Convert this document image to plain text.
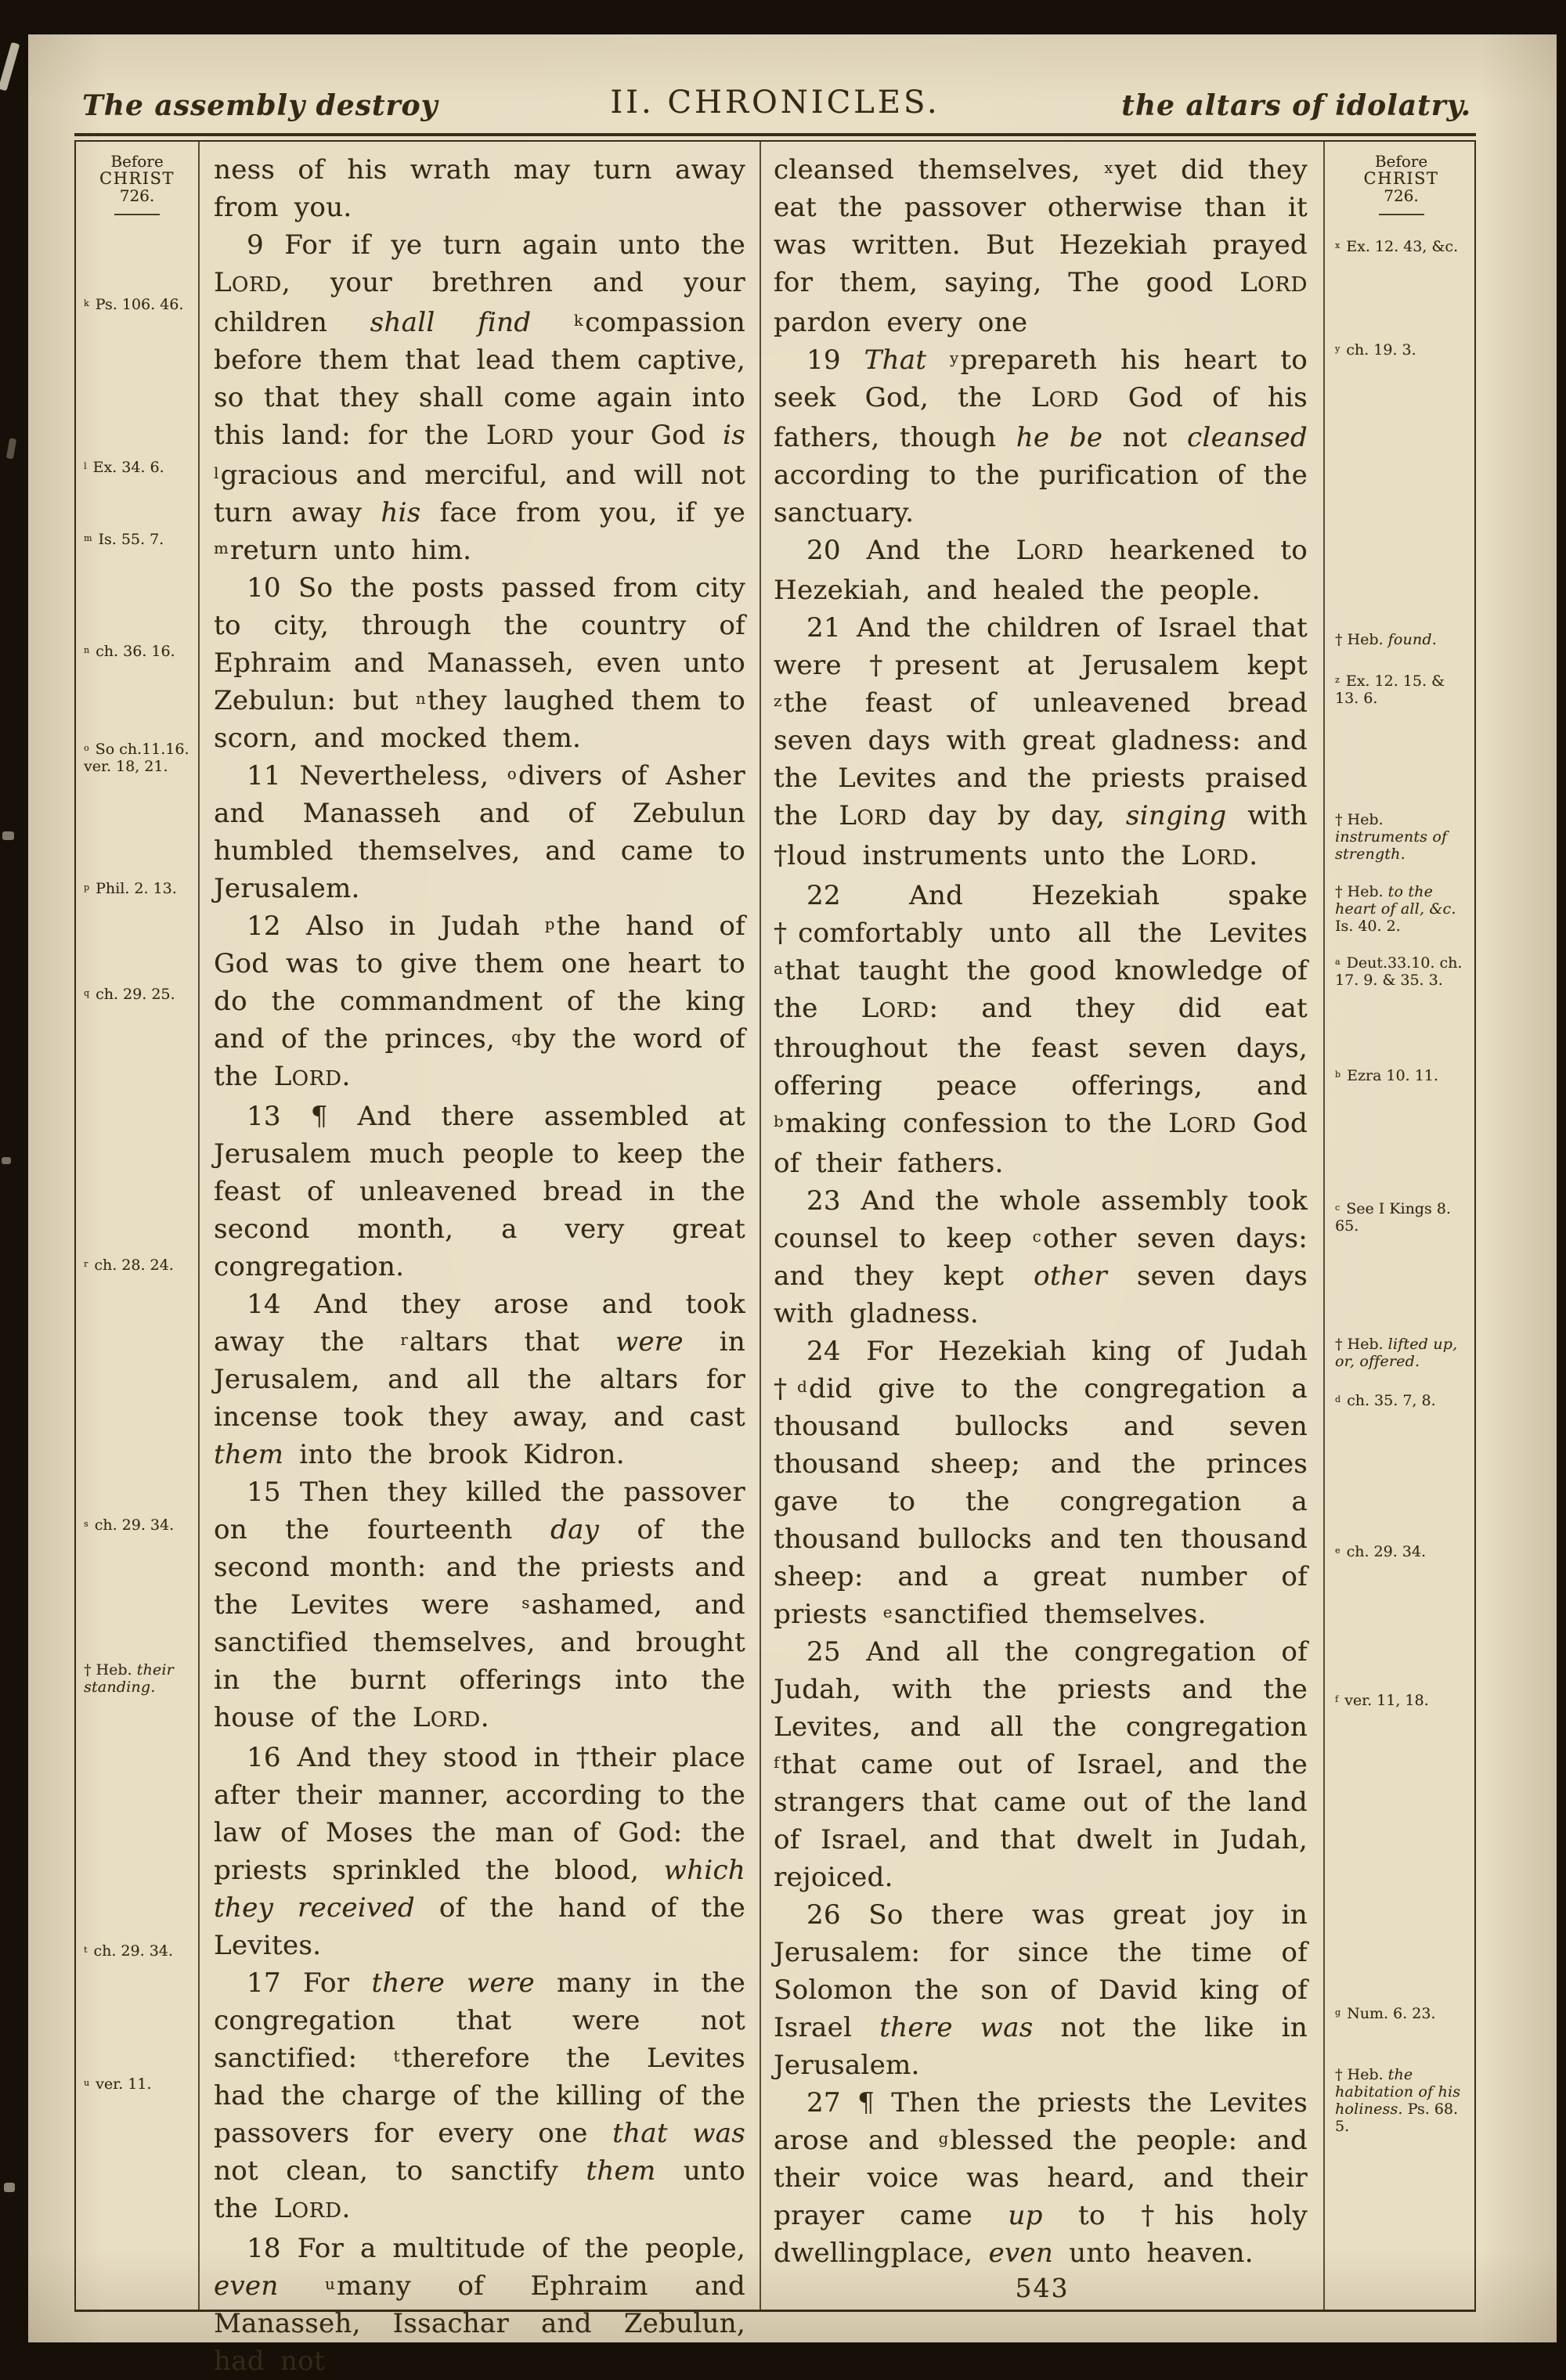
The assembly destroy	II. CHRONICLES.	the altars of idolatry.
Before
CHRIST
726.
$^k$ Ps. 106. 46.
$^l$ Ex. 34. 6.
$^m$ Is. 55. 7.
$^n$ ch. 36. 16.
$^o$ So ch.11.16. ver. 18, 21.
$^p$ Phil. 2. 13.
$^q$ ch. 29. 25.
$^r$ ch. 28. 24.
$^s$ ch. 29. 34.
† Heb. their standing.
$^t$ ch. 29. 34.
$^u$ ver. 11.

ness of his wrath may turn away from you.

9 For if ye turn again unto the LORD, your brethren and your children shall find	$^k$compassion before them that lead them captive, so that they shall come again into this land: for the LORD your God is $^l$gracious and merciful, and will not turn away his face from you, if ye $^m$return unto him.

10 So the posts passed from city to city, through the country of Ephraim and Manasseh, even unto Zebulun: but $^n$they laughed them to scorn, and mocked them.

11 Nevertheless, $^o$divers of Asher and Manasseh and of Zebulun humbled themselves, and came to Jerusalem.

12 Also in Judah $^p$the hand of God was to give them one heart to do the commandment of the king and of the princes, $^q$by the word of the LORD.

13 ¶ And there assembled at Jerusalem much people to keep the feast of unleavened bread in the second month, a very great congregation.

14 And they arose and took away the $^r$altars that were in Jerusalem, and all the altars for incense took they away, and cast them into the brook Kidron.

15 Then they killed the passover on the fourteenth day of the second month: and the priests and the Levites were $^s$ashamed, and sanctified themselves, and brought in the burnt offerings into the house of the LORD.

16 And they stood in †their place after their manner, according to the law of Moses the man of God: the priests sprinkled the blood, which they received of the hand of the Levites.

17 For there were many in the congregation that were not sanctified: $^t$therefore the Levites had the charge of the killing of the passovers for every one that was not clean, to sanctify them unto the LORD.

18 For a multitude of the people, even	$^u$many of Ephraim and Manasseh, Issachar and Zebulun, had not

cleansed themselves, $^x$yet did they eat the passover otherwise than it was written. But Hezekiah prayed for them, saying, The good LORD pardon every one

19 That $^y$prepareth his heart to seek God, the LORD God of his fathers, though he be not cleansed according to the purification of the sanctuary.

20 And the LORD hearkened to Hezekiah, and healed the people.

21 And the children of Israel that were †present at Jerusalem kept $^z$the feast of unleavened bread seven days with great gladness: and the Levites and the priests praised the LORD day by day, singing with †loud instruments unto the LORD.

22 And Hezekiah spake †comfortably unto all the Levites $^a$that taught the good knowledge of the LORD: and they did eat throughout the feast seven days, offering peace offerings, and $^b$making confession to the LORD God of their fathers.

23 And the whole assembly took counsel to keep $^c$other seven days: and they kept other seven days with gladness.

24 For Hezekiah king of Judah †$^d$did give to the congregation a thousand bullocks and seven thousand sheep; and the princes gave to the congregation a thousand bullocks and ten thousand sheep: and a great number of priests $^e$sanctified themselves.

25 And all the congregation of Judah, with the priests and the Levites, and all the congregation $^f$that came out of Israel, and the strangers that came out of the land of Israel, and that dwelt in Judah, rejoiced.

26 So there was great joy in Jerusalem: for since the time of Solomon the son of David king of Israel there was not the like in Jerusalem.

27 ¶ Then the priests the Levites arose and $^g$blessed the people: and their voice was heard, and their prayer came up to †his holy dwellingplace, even unto heaven.

Before
CHRIST
726.
$^x$ Ex. 12. 43, &c.
$^y$ ch. 19. 3.
† Heb. found.
$^z$ Ex. 12. 15. & 13. 6.
† Heb. instruments of strength.
† Heb. to the heart of all, &c. Is. 40. 2.
$^a$ Deut.33.10. ch. 17. 9. & 35. 3.
$^b$ Ezra 10. 11.
$^c$ See I Kings 8. 65.
† Heb. lifted up, or, offered.
$^d$ ch. 35. 7, 8.
$^e$ ch. 29. 34.
$^f$ ver. 11, 18.
$^g$ Num. 6. 23.
† Heb. the habitation of his holiness. Ps. 68. 5.
543
